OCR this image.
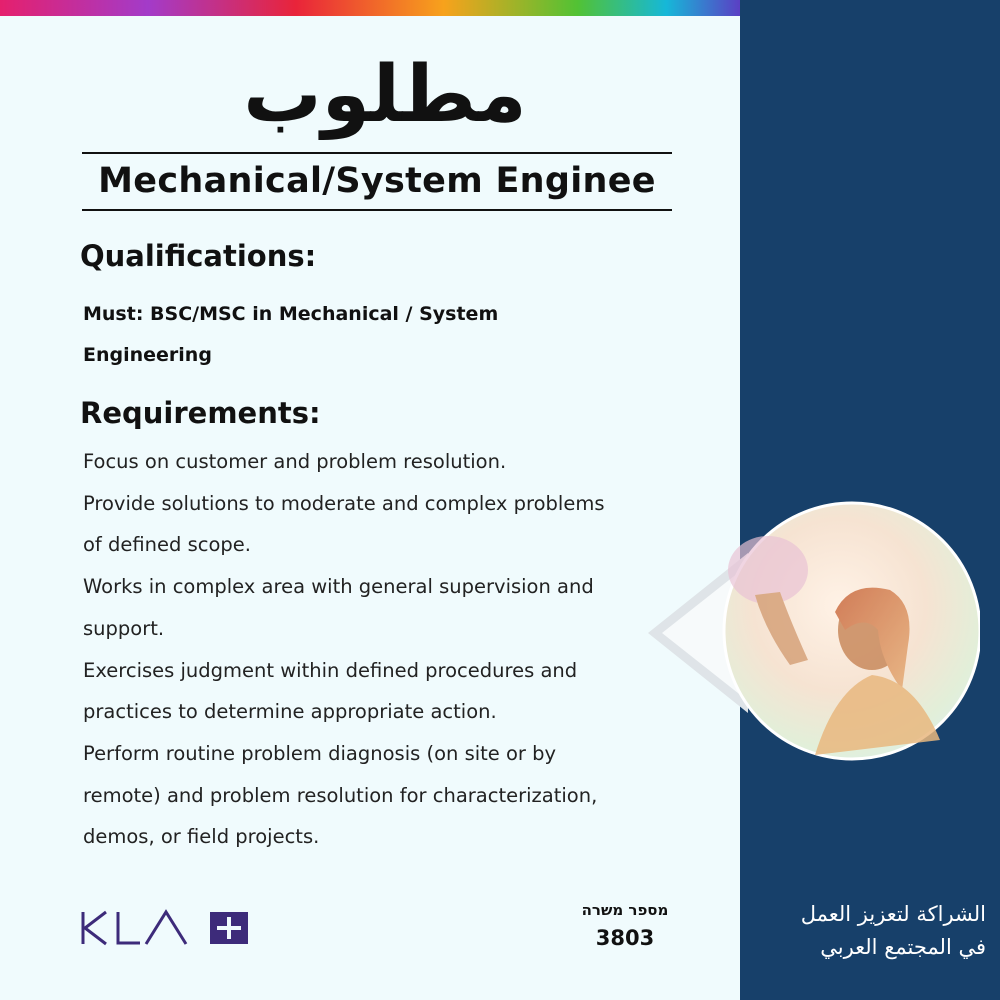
مطلوب
Mechanical/System Enginee
Qualifications:
Must: BSC/MSC in Mechanical / System
Engineering
Requirements:
Focus on customer and problem resolution.
Provide solutions to moderate and complex problems
of defined scope.
Works in complex area with general supervision and
support.
Exercises judgment within defined procedures and
practices to determine appropriate action.
Perform routine problem diagnosis (on site or by
remote) and problem resolution for characterization,
demos, or field projects.
מספר משרה
3803
الشراكة لتعزيز العمل
في المجتمع العربي
